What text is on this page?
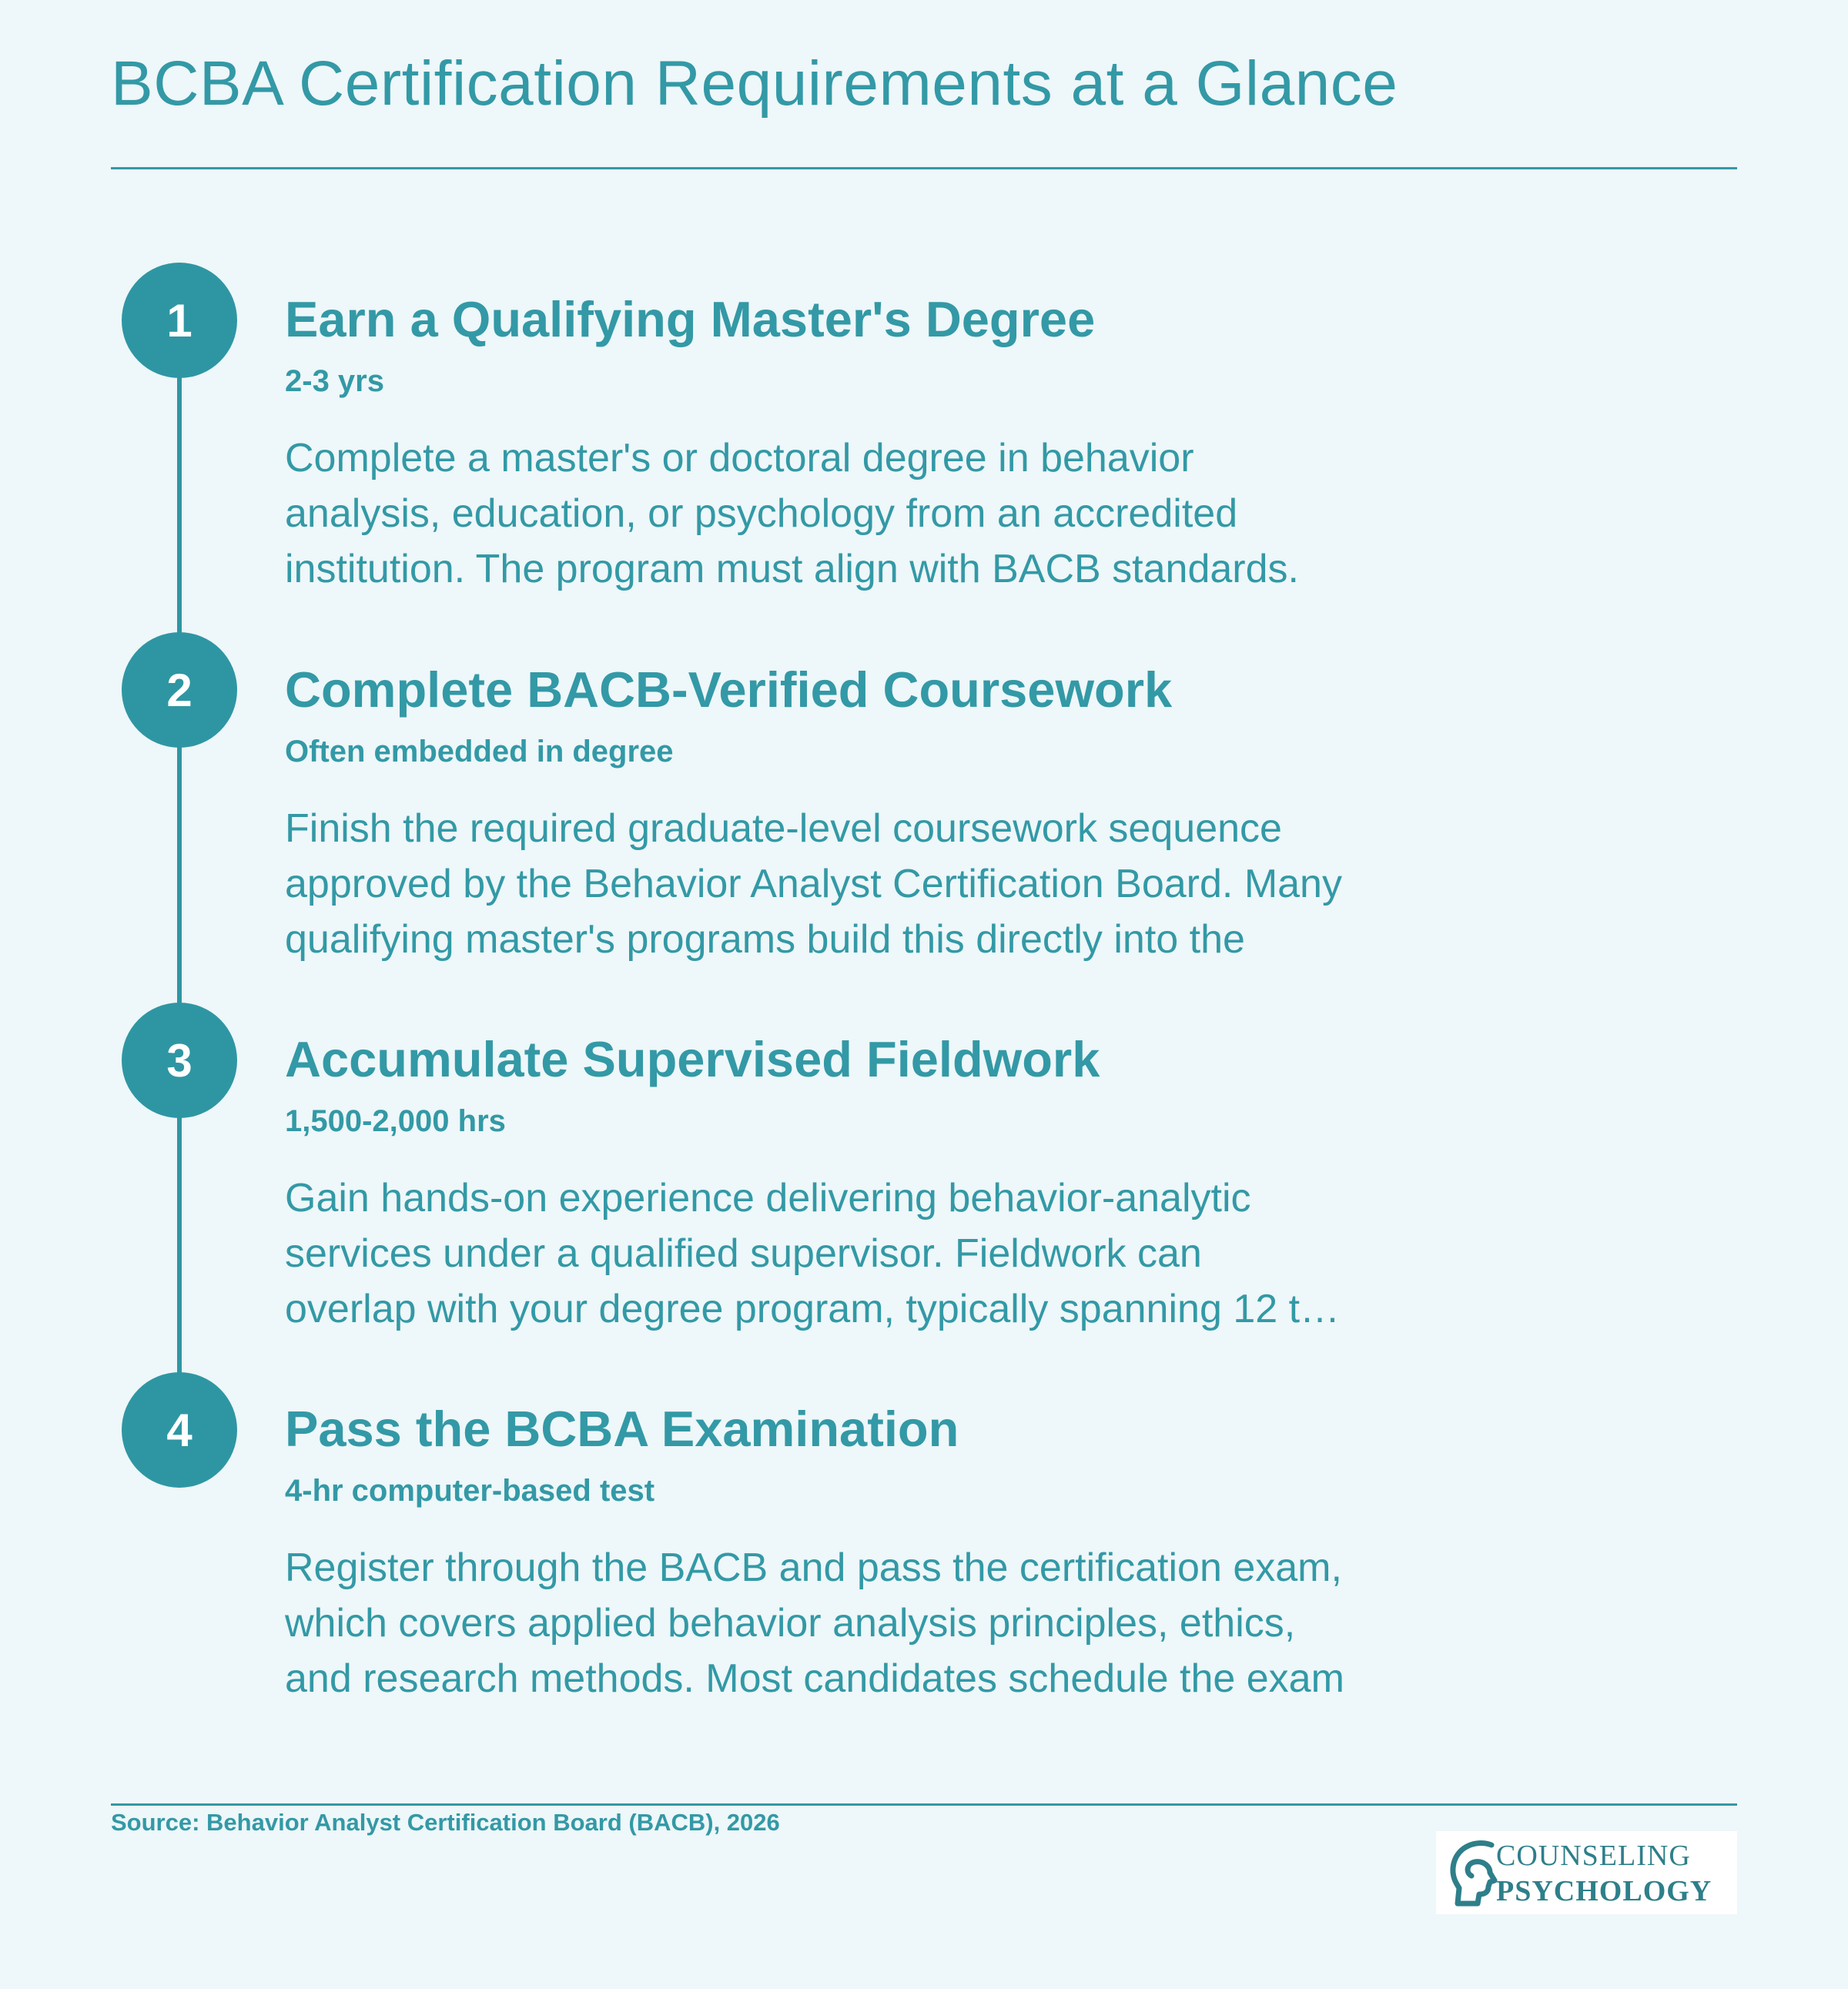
BCBA Certification Requirements at a Glance
1	Earn a Qualifying Master's Degree
2-3 yrs
Complete a master's or doctoral degree in behavior
analysis, education, or psychology from an accredited
institution. The program must align with BACB standards.
2	Complete BACB-Verified Coursework
Often embedded in degree
Finish the required graduate-level coursework sequence
approved by the Behavior Analyst Certification Board. Many
qualifying master's programs build this directly into the
3	Accumulate Supervised Fieldwork
1,500-2,000 hrs
Gain hands-on experience delivering behavior-analytic
services under a qualified supervisor. Fieldwork can
overlap with your degree program, typically spanning 12 t…
4	Pass the BCBA Examination
4-hr computer-based test
Register through the BACB and pass the certification exam,
which covers applied behavior analysis principles, ethics,
and research methods. Most candidates schedule the exam
Source: Behavior Analyst Certification Board (BACB), 2026
COUNSELING
PSYCHOLOGY
